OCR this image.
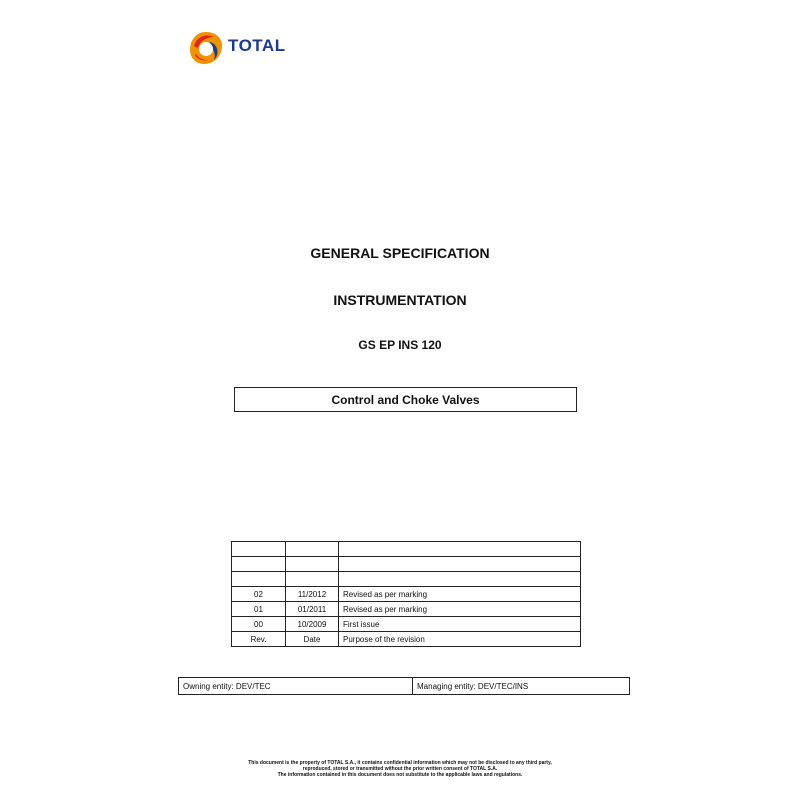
TOTAL
GENERAL SPECIFICATION
INSTRUMENTATION
GS EP INS 120
Control and Choke Valves

02	11/2012	Revised as per marking
01	01/2011	Revised as per marking
00	10/2009	First issue
Rev.	Date	Purpose of the revision
Owning entity: DEV/TEC	Managing entity: DEV/TEC/INS
This document is the property of TOTAL S.A., it contains confidential information which may not be disclosed to any third party,
reproduced, stored or transmitted without the prior written consent of TOTAL S.A.
The information contained in this document does not substitute to the applicable laws and regulations.
